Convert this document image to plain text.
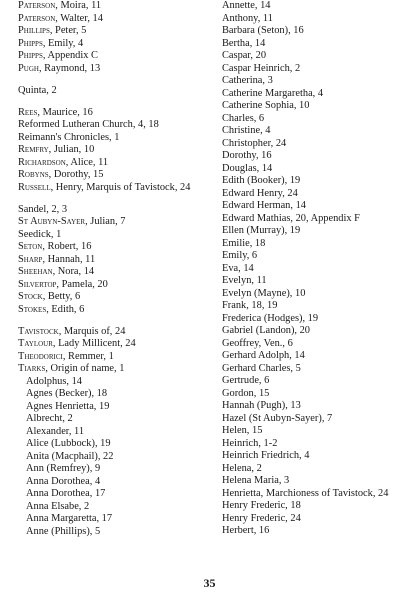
Paterson, Moira, 11
Paterson, Walter, 14
Phillips, Peter, 5
Phipps, Emily, 4
Phipps, Appendix C
Pugh, Raymond, 13
Quinta, 2
Rees, Maurice, 16
Reformed Lutheran Church, 4, 18
Reimann's Chronicles, 1
Remfry, Julian, 10
Richardson, Alice, 11
Robyns, Dorothy, 15
Russell, Henry, Marquis of Tavistock, 24
Sandel, 2, 3
St Aubyn-Sayer, Julian, 7
Seedick, 1
Seton, Robert, 16
Sharp, Hannah, 11
Sheehan, Nora, 14
Silvertop, Pamela, 20
Stock, Betty, 6
Stokes, Edith, 6
Tavistock, Marquis of, 24
Taylour, Lady Millicent, 24
Theodorici, Remmer, 1
Tiarks, Origin of name, 1
Adolphus, 14
Agnes (Becker), 18
Agnes Henrietta, 19
Albrecht, 2
Alexander, 11
Alice (Lubbock), 19
Anita (Macphail), 22
Ann (Remfrey), 9
Anna Dorothea, 4
Anna Dorothea, 17
Anna Elsabe, 2
Anna Margaretta, 17
Anne (Phillips), 5
Annette, 14
Anthony, 11
Barbara (Seton), 16
Bertha, 14
Caspar, 20
Caspar Heinrich, 2
Catherina, 3
Catherine Margaretha, 4
Catherine Sophia, 10
Charles, 6
Christine, 4
Christopher, 24
Dorothy, 16
Douglas, 14
Edith (Booker), 19
Edward Henry, 24
Edward Herman, 14
Edward Mathias, 20, Appendix F
Ellen (Murray), 19
Emilie, 18
Emily, 6
Eva, 14
Evelyn, 11
Evelyn (Mayne), 10
Frank, 18, 19
Frederica (Hodges), 19
Gabriel (Landon), 20
Geoffrey, Ven., 6
Gerhard Adolph, 14
Gerhard Charles, 5
Gertrude, 6
Gordon, 15
Hannah (Pugh), 13
Hazel (St Aubyn-Sayer), 7
Helen, 15
Heinrich, 1-2
Heinrich Friedrich, 4
Helena, 2
Helena Maria, 3
Henrietta, Marchioness of Tavistock, 24
Henry Frederic, 18
Henry Frederic, 24
Herbert, 16
35
